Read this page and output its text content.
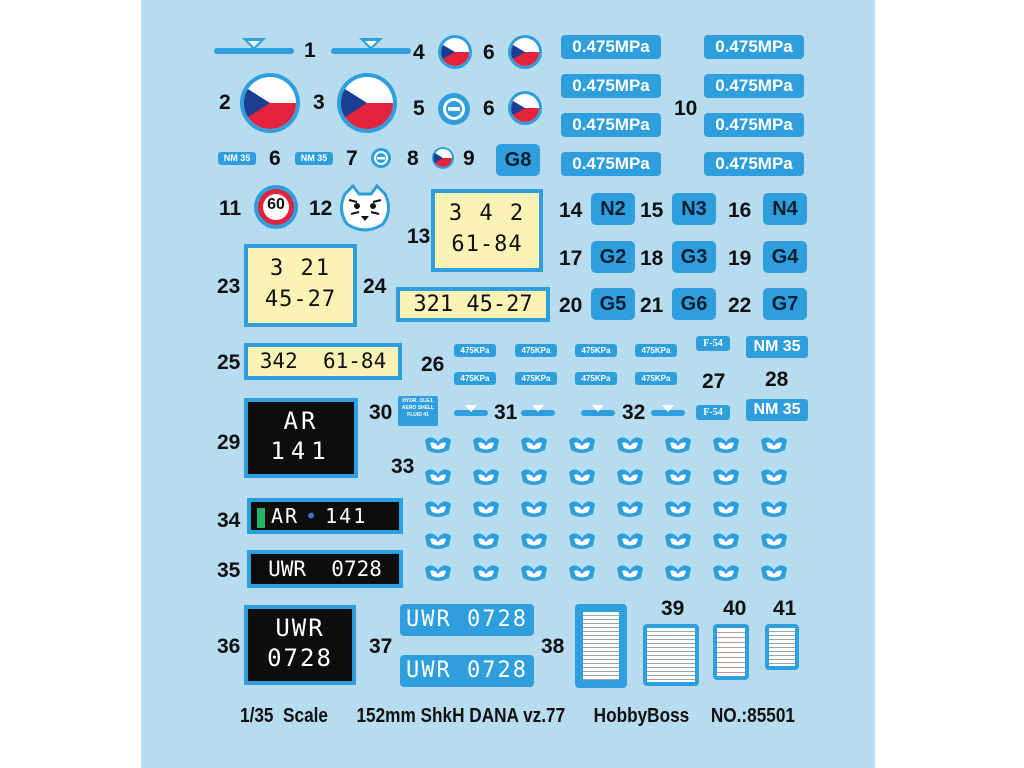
1
2	3
4	6
5	6
NM 35 6	NM 35 7 8 9 G8
0.475MPa
0.475MPa
0.475MPa
0.475MPa
0.475MPa
0.475MPa
0.475MPa
0.475MPa
10
11	60	12
13
3 4 2
61-84
14 N2 15 N3 16	N4
17 G2 18 G3 19 G4
20 G5 21 G6 22 G7
23
3 21
45-27
24
321 45-27
25 342  61-84	26
475KPa	475KPa	475KPa	475KPa
475KPa	475KPa	475KPa	475KPa
F-54
F-54
27
NM 35
NM 35
28
29
AR
141
30	HYDR. OLEJ.
AERO SHELL
FLUID 41	31	32
33
34	AR • 141
35	UWR  0728
36
UWR
0728	37
UWR 0728
UWR 0728
38
39 40 41
1/35  Scale 152mm ShkH DANA vz.77 HobbyBoss NO.:85501
